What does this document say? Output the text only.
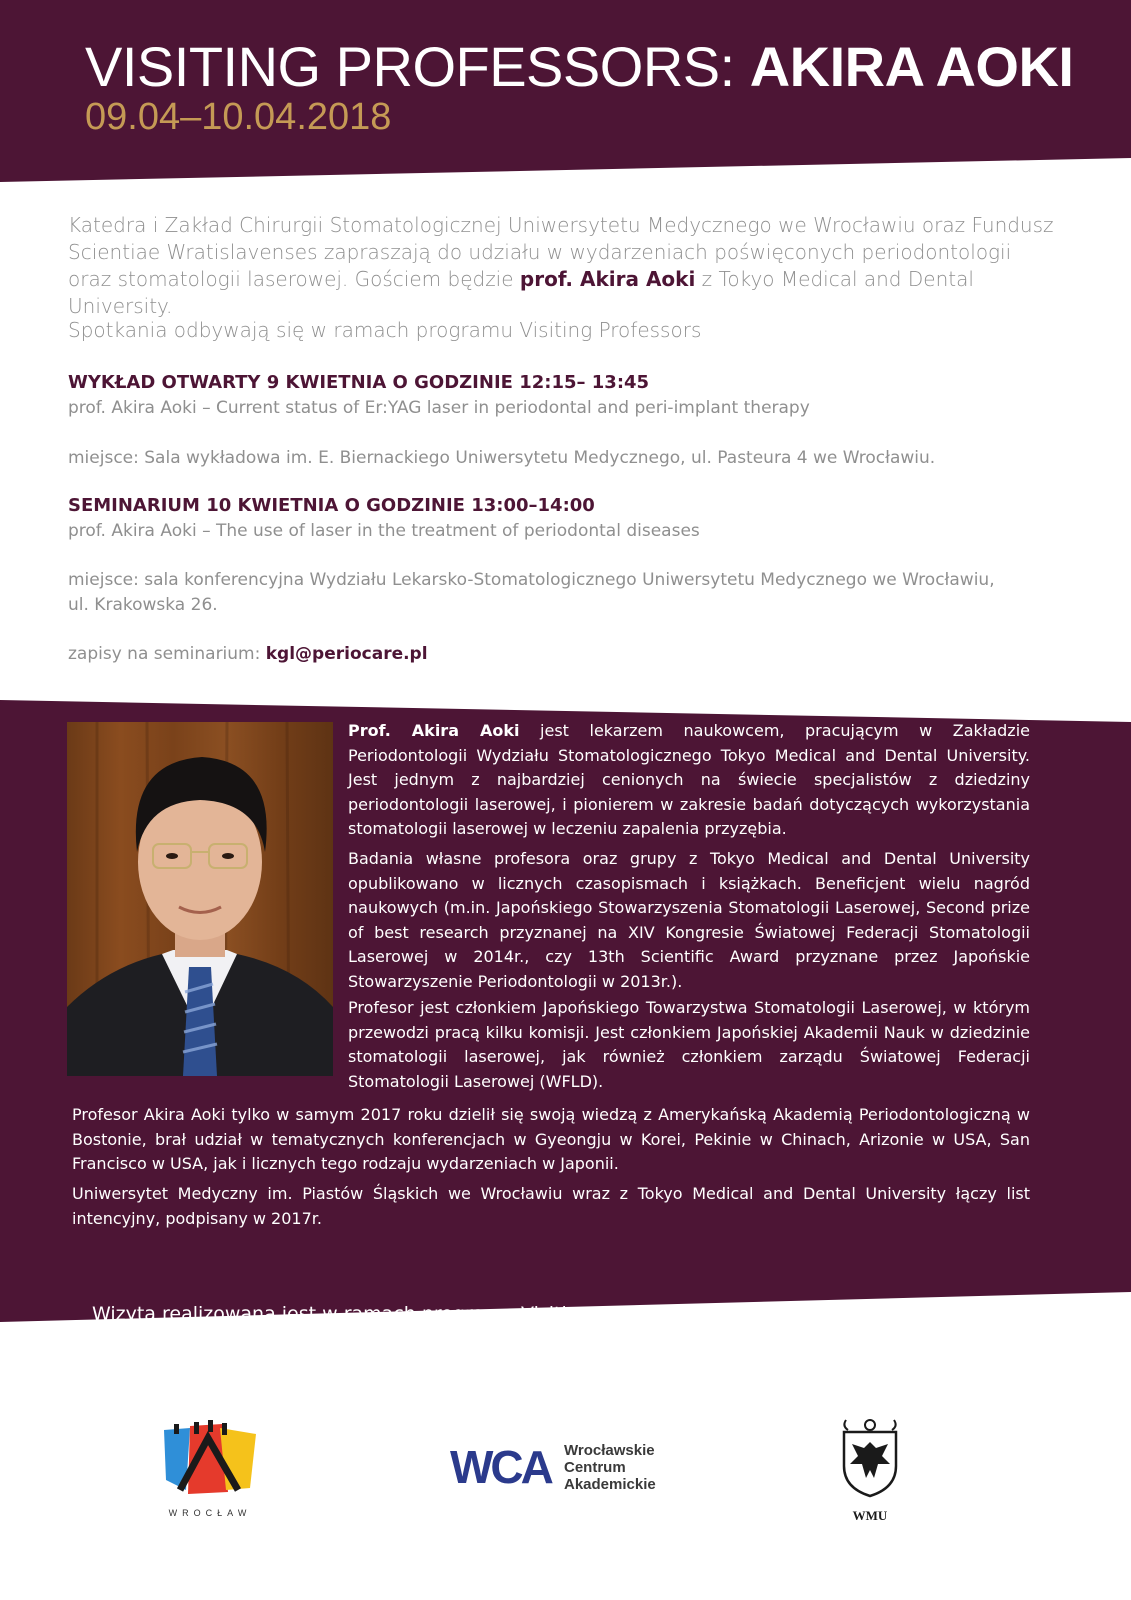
VISITING PROFESSORS: AKIRA AOKI
09.04–10.04.2018

Katedra i Zakład Chirurgii Stomatologicznej Uniwersytetu Medycznego we Wrocławiu oraz Fundusz Scientiae Wratislavenses zapraszają do udziału w wydarzeniach poświęconych periodontologii oraz stomatologii laserowej. Gościem będzie prof. Akira Aoki z Tokyo Medical and Dental University.

Spotkania odbywają się w ramach programu Visiting Professors

WYKŁAD OTWARTY 9 KWIETNIA O GODZINIE 12:15– 13:45
prof. Akira Aoki – Current status of Er:YAG laser in periodontal and peri-implant therapy
miejsce: Sala wykładowa im. E. Biernackiego Uniwersytetu Medycznego, ul. Pasteura 4 we Wrocławiu.
SEMINARIUM 10 KWIETNIA O GODZINIE 13:00–14:00
prof. Akira Aoki – The use of laser in the treatment of periodontal diseases
miejsce: sala konferencyjna Wydziału Lekarsko-Stomatologicznego Uniwersytetu Medycznego we Wrocławiu, ul. Krakowska 26.
zapisy na seminarium: kgl@periocare.pl

Prof. Akira Aoki jest lekarzem naukowcem, pracującym w Zakładzie Periodontologii Wydziału Stomatologicznego Tokyo Medical and Dental University. Jest jednym z najbardziej cenionych na świecie specjalistów z dziedziny periodontologii laserowej, i pionierem w zakresie badań dotyczących wykorzystania stomatologii laserowej w leczeniu zapalenia przyzębia.

Badania własne profesora oraz grupy z Tokyo Medical and Dental University opublikowano w licznych czasopismach i książkach. Beneficjent wielu nagród naukowych (m.in. Japońskiego Stowarzyszenia Stomatologii Laserowej, Second prize of best research przyznanej na XIV Kongresie Światowej Federacji Stomatologii Laserowej w 2014r., czy 13th Scientific Award przyznane przez Japońskie Stowarzyszenie Periodontologii w 2013r.).

Profesor jest członkiem Japońskiego Towarzystwa Stomatologii Laserowej, w którym przewodzi pracą kilku komisji. Jest członkiem Japońskiej Akademii Nauk w dziedzinie stomatologii laserowej, jak również członkiem zarządu Światowej Federacji Stomatologii Laserowej (WFLD).

Profesor Akira Aoki tylko w samym 2017 roku dzielił się swoją wiedzą z Amerykańską Akademią Periodontologiczną w Bostonie, brał udział w tematycznych konferencjach w Gyeongju w Korei, Pekinie w Chinach, Arizonie w USA, San Francisco w USA, jak i licznych tego rodzaju wydarzeniach w Japonii.

Uniwersytet Medyczny im. Piastów Śląskich we Wrocławiu wraz z Tokyo Medical and Dental University łączy list intencyjny, podpisany w 2017r.

Wizyta realizowana jest w ramach programu Visiting Professors, Fundusz Scientiae Wratislavienses,
finansowanego ze środków Miasta Wrocław.
WROCŁAW
WCA Wrocławskie
Centrum
Akademickie
WMU
